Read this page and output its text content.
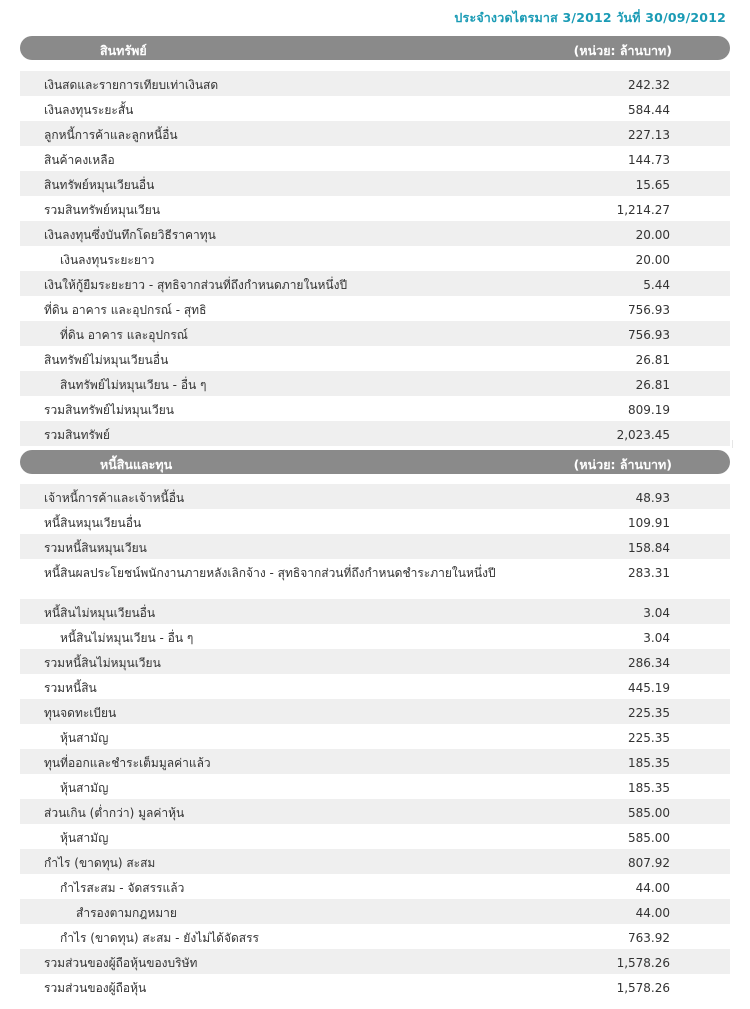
ประจำงวดไตรมาส 3/2012 วันที่ 30/09/2012
สินทรัพย์	(หน่วย: ล้านบาท)
เงินสดและรายการเทียบเท่าเงินสด	242.32
เงินลงทุนระยะสั้น	584.44
ลูกหนี้การค้าและลูกหนี้อื่น	227.13
สินค้าคงเหลือ	144.73
สินทรัพย์หมุนเวียนอื่น	15.65
รวมสินทรัพย์หมุนเวียน	1,214.27
เงินลงทุนซึ่งบันทึกโดยวิธีราคาทุน	20.00
เงินลงทุนระยะยาว	20.00
เงินให้กู้ยืมระยะยาว - สุทธิจากส่วนที่ถึงกำหนดภายในหนึ่งปี	5.44
ที่ดิน อาคาร และอุปกรณ์ - สุทธิ	756.93
ที่ดิน อาคาร และอุปกรณ์	756.93
สินทรัพย์ไม่หมุนเวียนอื่น	26.81
สินทรัพย์ไม่หมุนเวียน - อื่น ๆ	26.81
รวมสินทรัพย์ไม่หมุนเวียน	809.19
รวมสินทรัพย์	2,023.45
หนี้สินและทุน	(หน่วย: ล้านบาท)
เจ้าหนี้การค้าและเจ้าหนี้อื่น	48.93
หนี้สินหมุนเวียนอื่น	109.91
รวมหนี้สินหมุนเวียน	158.84
หนี้สินผลประโยชน์พนักงานภายหลังเลิกจ้าง - สุทธิจากส่วนที่ถึงกำหนดชำระภายในหนึ่งปี	283.31
หนี้สินไม่หมุนเวียนอื่น	3.04
หนี้สินไม่หมุนเวียน - อื่น ๆ	3.04
รวมหนี้สินไม่หมุนเวียน	286.34
รวมหนี้สิน	445.19
ทุนจดทะเบียน	225.35
หุ้นสามัญ	225.35
ทุนที่ออกและชำระเต็มมูลค่าแล้ว	185.35
หุ้นสามัญ	185.35
ส่วนเกิน (ต่ำกว่า) มูลค่าหุ้น	585.00
หุ้นสามัญ	585.00
กำไร (ขาดทุน) สะสม	807.92
กำไรสะสม - จัดสรรแล้ว	44.00
สำรองตามกฎหมาย	44.00
กำไร (ขาดทุน) สะสม - ยังไม่ได้จัดสรร	763.92
รวมส่วนของผู้ถือหุ้นของบริษัท	1,578.26
รวมส่วนของผู้ถือหุ้น	1,578.26
